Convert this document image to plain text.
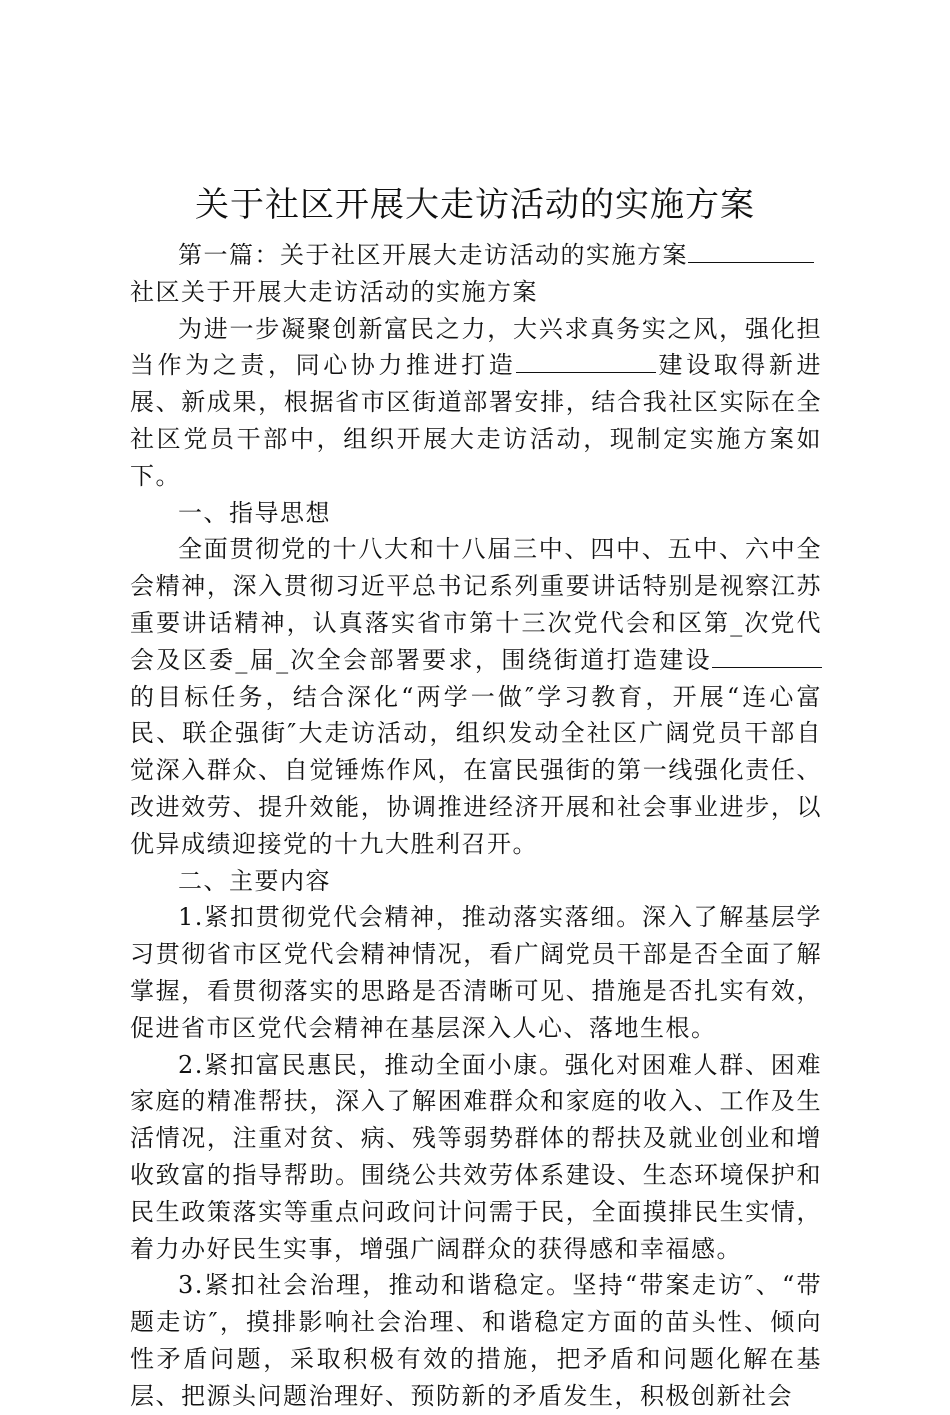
关于社区开展大走访活动的实施方案

第一篇：关于社区开展大走访活动的实施方案

社区关于开展大走访活动的实施方案

为进一步凝聚创新富民之力，大兴求真务实之风，强化担当作为之责，同心协力推进打造	建设取得新进展、新成果，根据省市区街道部署安排，结合我社区实际在全社区党员干部中，组织开展大走访活动，现制定实施方案如下。

一、指导思想

全面贯彻党的十八大和十八届三中、四中、五中、六中全会精神，深入贯彻习近平总书记系列重要讲话特别是视察江苏重要讲话精神，认真落实省市第十三次党代会和区第_次党代会及区委_届_次全会部署要求，围绕街道打造建设的目标任务，结合深化“两学一做″学习教育，开展“连心富民、联企强街″大走访活动，组织发动全社区广阔党员干部自觉深入群众、自觉锤炼作风，在富民强街的第一线强化责任、改进效劳、提升效能，协调推进经济开展和社会事业进步，以优异成绩迎接党的十九大胜利召开。

二、主要内容

1.紧扣贯彻党代会精神，推动落实落细。深入了解基层学习贯彻省市区党代会精神情况，看广阔党员干部是否全面了解掌握，看贯彻落实的思路是否清晰可见、措施是否扎实有效，促进省市区党代会精神在基层深入人心、落地生根。

2.紧扣富民惠民，推动全面小康。强化对困难人群、困难家庭的精准帮扶，深入了解困难群众和家庭的收入、工作及生活情况，注重对贫、病、残等弱势群体的帮扶及就业创业和增收致富的指导帮助。围绕公共效劳体系建设、生态环境保护和民生政策落实等重点问政问计问需于民，全面摸排民生实情，着力办好民生实事，增强广阔群众的获得感和幸福感。

3.紧扣社会治理，推动和谐稳定。坚持“带案走访″、“带题走访″，摸排影响社会治理、和谐稳定方面的苗头性、倾向性矛盾问题，采取积极有效的措施，把矛盾和问题化解在基层、把源头问题治理好、预防新的矛盾发生，积极创新社会
